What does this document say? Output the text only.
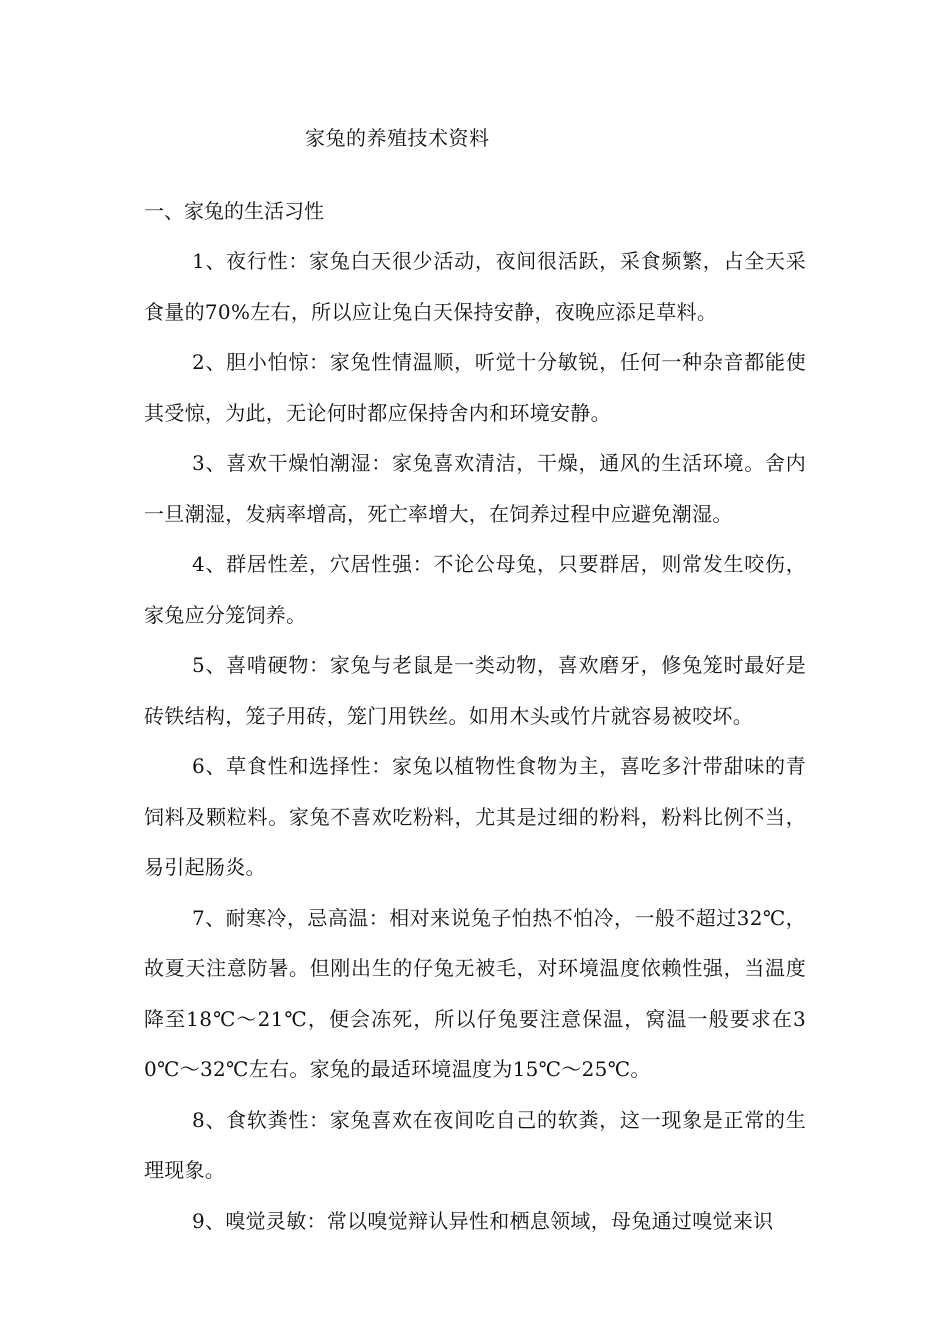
家兔的养殖技术资料
一、家兔的生活习性

1、夜行性：家兔白天很少活动，夜间很活跃，采食频繁，占全天采食量的70%左右，所以应让兔白天保持安静，夜晚应添足草料。

2、胆小怕惊：家兔性情温顺，听觉十分敏锐，任何一种杂音都能使其受惊，为此，无论何时都应保持舍内和环境安静。

3、喜欢干燥怕潮湿：家兔喜欢清洁，干燥，通风的生活环境。舍内一旦潮湿，发病率增高，死亡率增大，在饲养过程中应避免潮湿。

4、群居性差，穴居性强：不论公母兔，只要群居，则常发生咬伤，家兔应分笼饲养。

5、喜啃硬物：家兔与老鼠是一类动物，喜欢磨牙，修兔笼时最好是砖铁结构，笼子用砖，笼门用铁丝。如用木头或竹片就容易被咬坏。

6、草食性和选择性：家兔以植物性食物为主，喜吃多汁带甜味的青饲料及颗粒料。家兔不喜欢吃粉料，尤其是过细的粉料，粉料比例不当，易引起肠炎。

7、耐寒冷，忌高温：相对来说兔子怕热不怕冷，一般不超过32℃，故夏天注意防暑。但刚出生的仔兔无被毛，对环境温度依赖性强，当温度降至18℃～21℃，便会冻死，所以仔兔要注意保温，窝温一般要求在30℃～32℃左右。家兔的最适环境温度为15℃～25℃。

8、食软粪性：家兔喜欢在夜间吃自己的软粪，这一现象是正常的生理现象。

9、嗅觉灵敏：常以嗅觉辩认异性和栖息领域，母兔通过嗅觉来识
